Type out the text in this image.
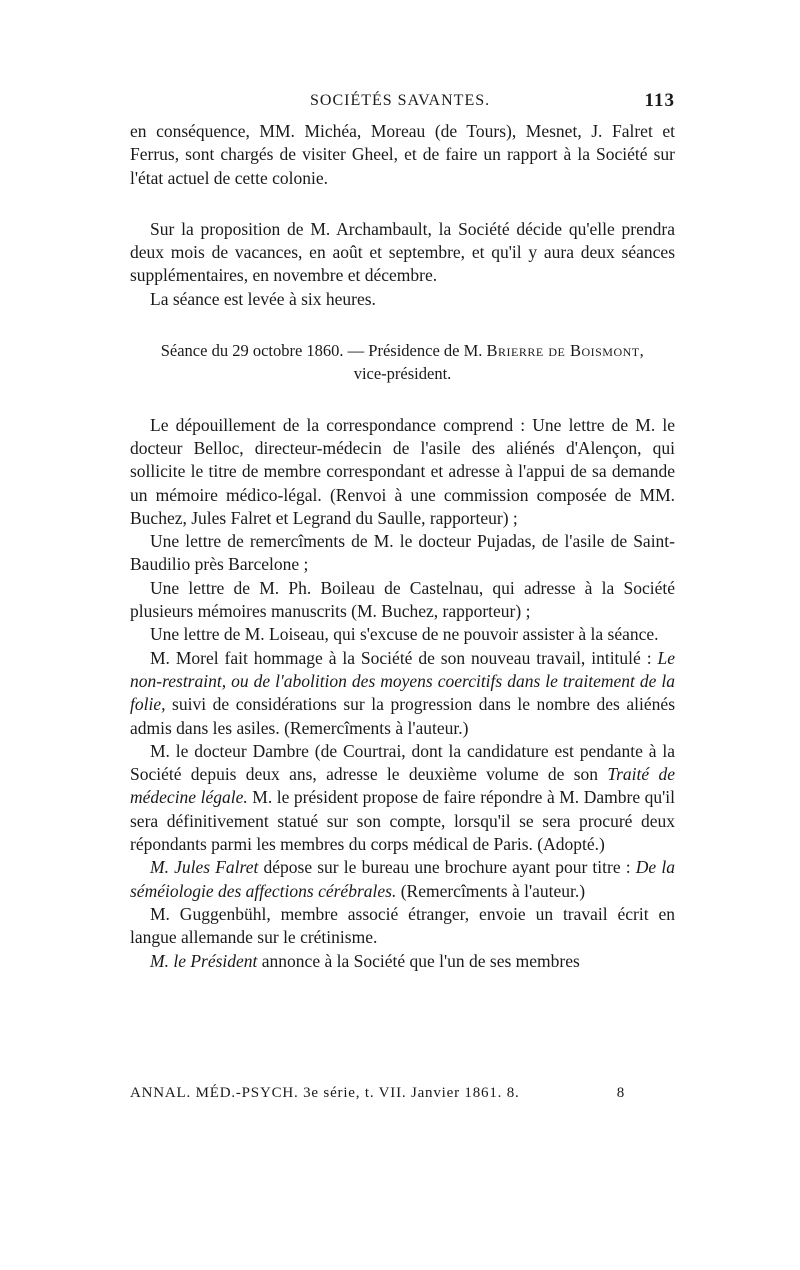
SOCIÉTÉS SAVANTES.	113

en conséquence, MM. Michéa, Moreau (de Tours), Mesnet, J. Falret et Ferrus, sont chargés de visiter Gheel, et de faire un rapport à la Société sur l'état actuel de cette colonie.

Sur la proposition de M. Archambault, la Société décide qu'elle prendra deux mois de vacances, en août et septembre, et qu'il y aura deux séances supplémentaires, en novembre et décembre.

La séance est levée à six heures.

Séance du 29 octobre 1860. — Présidence de M. Brierre de Boismont,
vice-président.

Le dépouillement de la correspondance comprend : Une lettre de M. le docteur Belloc, directeur-médecin de l'asile des aliénés d'Alençon, qui sollicite le titre de membre correspondant et adresse à l'appui de sa demande un mémoire médico-légal. (Renvoi à une commission composée de MM. Buchez, Jules Falret et Legrand du Saulle, rapporteur) ;

Une lettre de remercîments de M. le docteur Pujadas, de l'asile de Saint-Baudilio près Barcelone ;

Une lettre de M. Ph. Boileau de Castelnau, qui adresse à la Société plusieurs mémoires manuscrits (M. Buchez, rapporteur) ;

Une lettre de M. Loiseau, qui s'excuse de ne pouvoir assister à la séance.

M. Morel fait hommage à la Société de son nouveau travail, intitulé : Le non-restraint, ou de l'abolition des moyens coercitifs dans le traitement de la folie, suivi de considérations sur la progression dans le nombre des aliénés admis dans les asiles. (Remercîments à l'auteur.)

M. le docteur Dambre (de Courtrai, dont la candidature est pendante à la Société depuis deux ans, adresse le deuxième volume de son Traité de médecine légale. M. le président propose de faire répondre à M. Dambre qu'il sera définitivement statué sur son compte, lorsqu'il se sera procuré deux répondants parmi les membres du corps médical de Paris. (Adopté.)

M. Jules Falret dépose sur le bureau une brochure ayant pour titre : De la séméiologie des affections cérébrales. (Remercîments à l'auteur.)

M. Guggenbühl, membre associé étranger, envoie un travail écrit en langue allemande sur le crétinisme.

M. le Président annonce à la Société que l'un de ses membres

ANNAL. MÉD.-PSYCH. 3e série, t. VII. Janvier 1861. 8.	8
